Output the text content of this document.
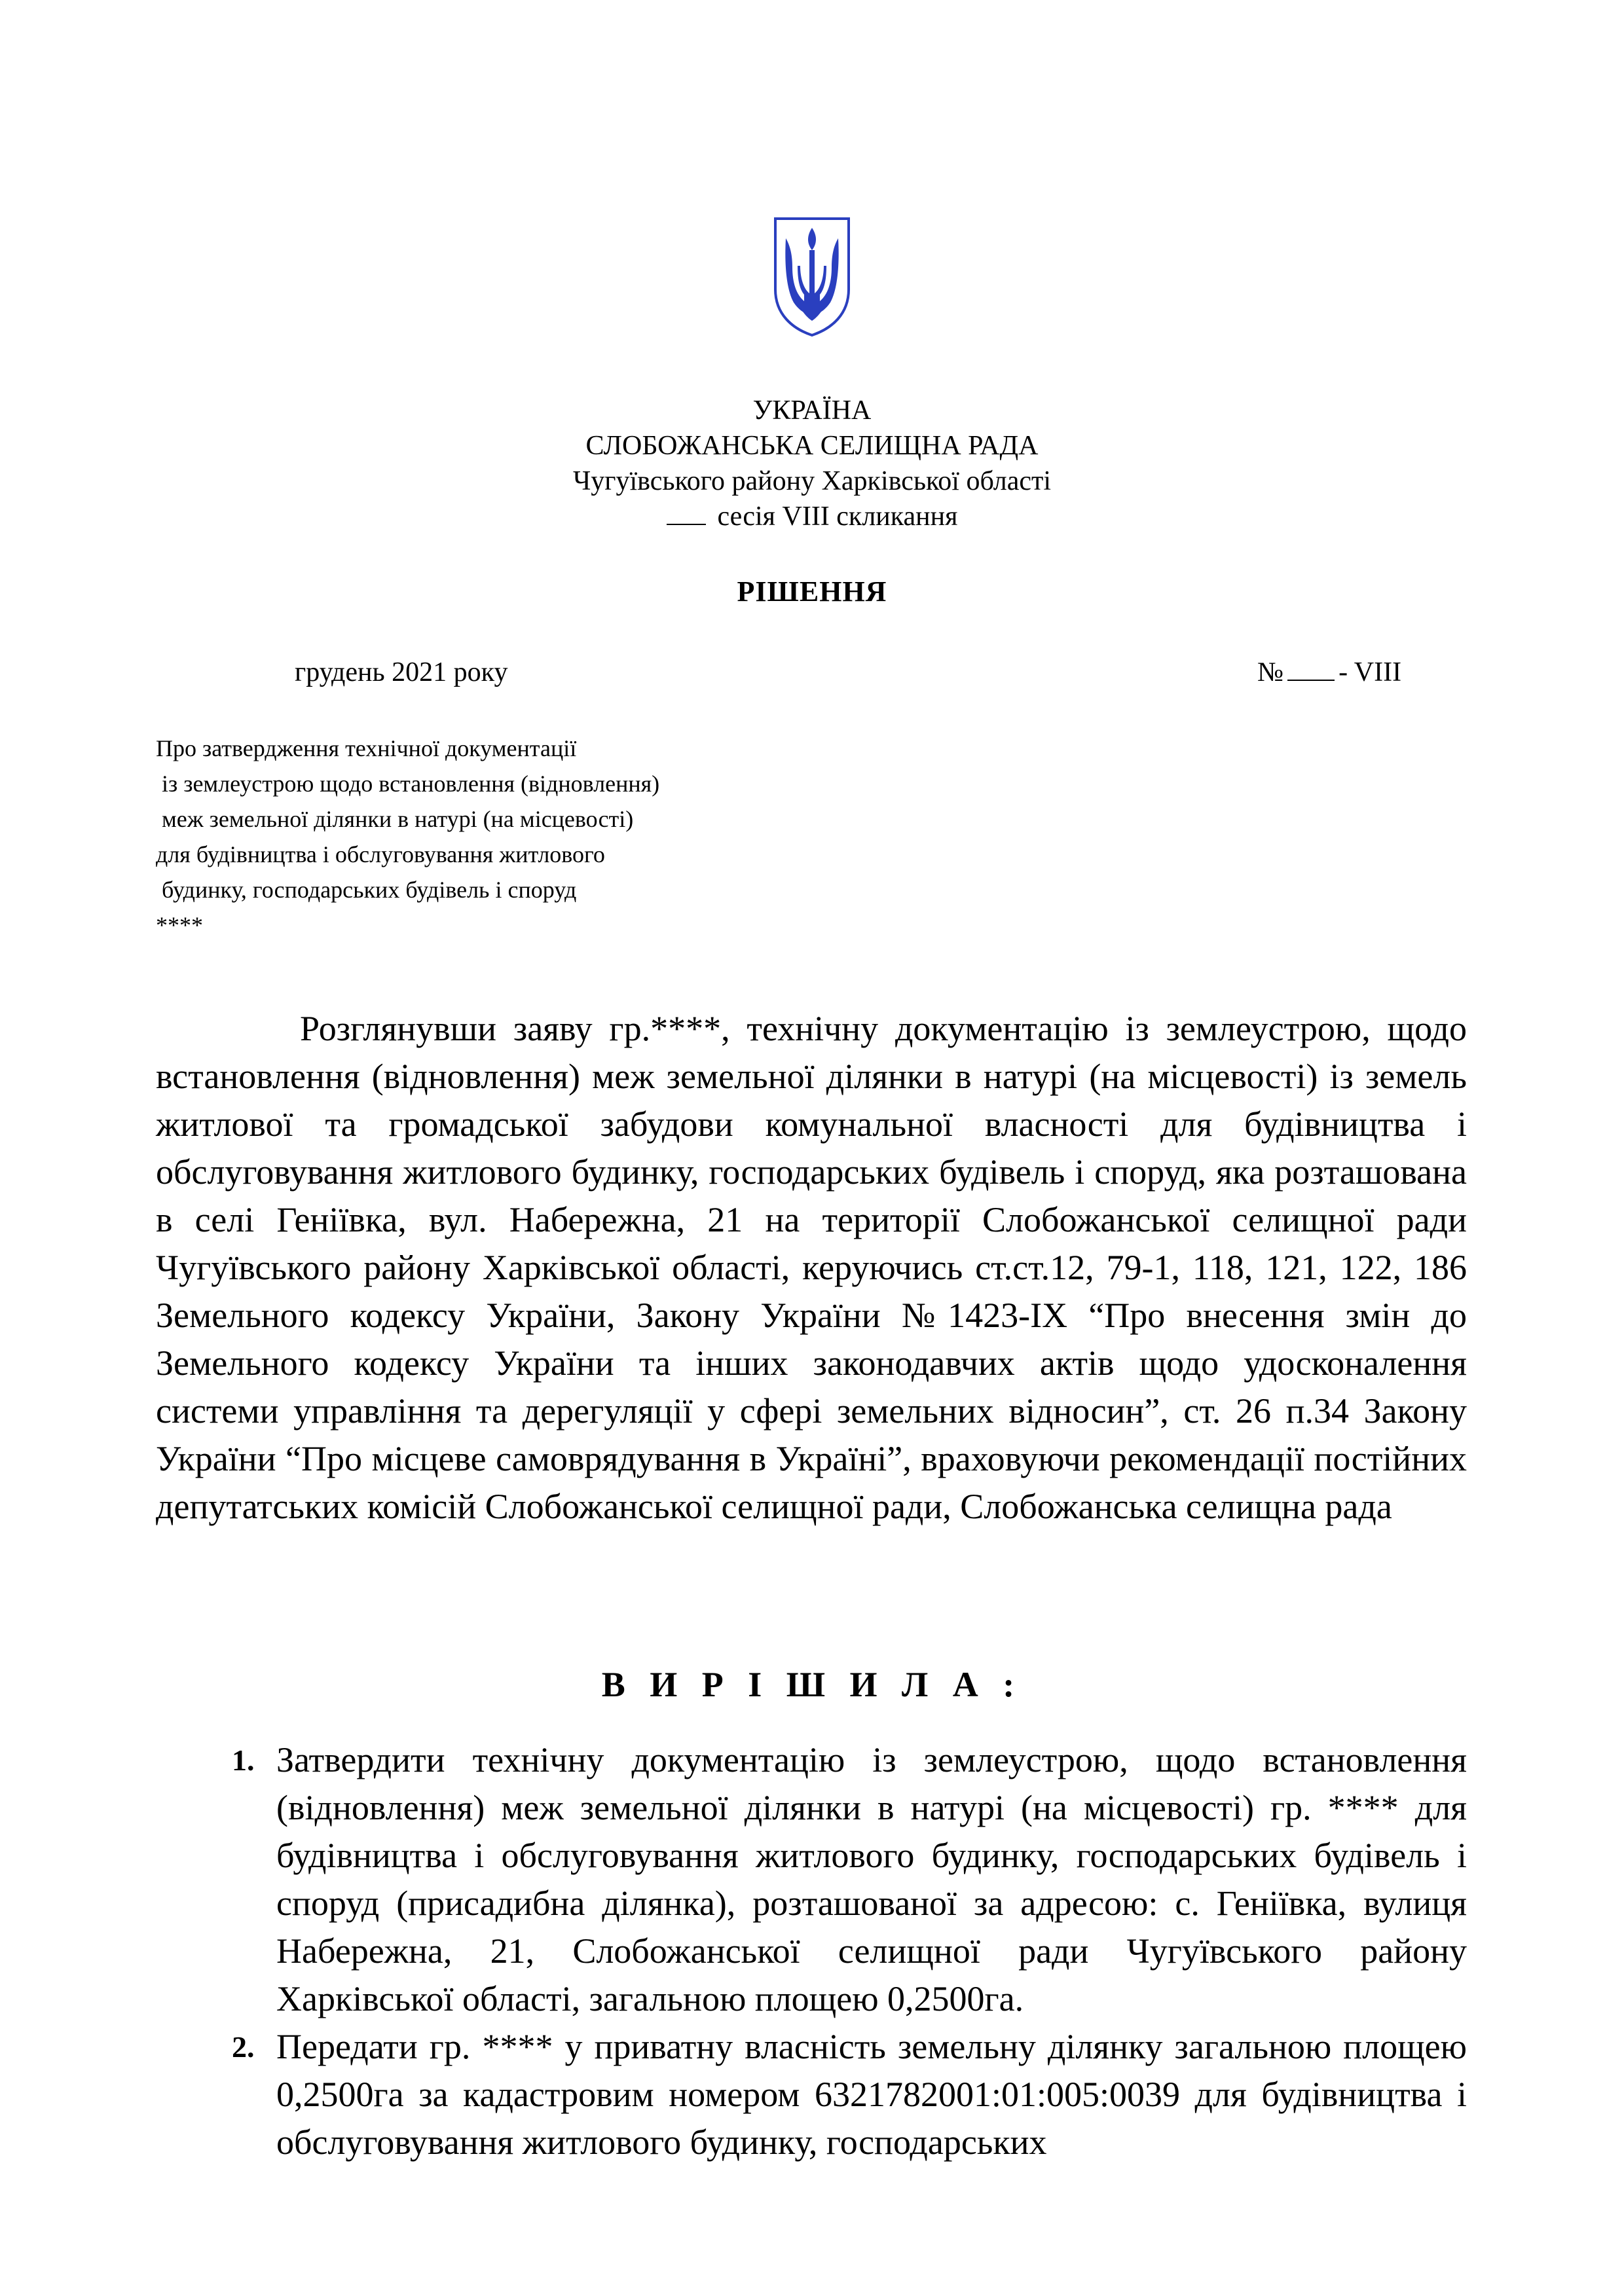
УКРАЇНА
СЛОБОЖАНСЬКА СЕЛИЩНА РАДА
Чугуївського району Харківської області
сесія VIII скликання
РІШЕННЯ
грудень 2021 року	№ - VIII
Про затвердження технічної документації
із землеустрою щодо встановлення (відновлення)
меж земельної ділянки в натурі (на місцевості)
для будівництва і обслуговування житлового
будинку, господарських будівель і споруд
****
Розглянувши заяву гр.****, технічну документацію із землеустрою, щодо встановлення (відновлення) меж земельної ділянки в натурі (на місцевості) із земель житлової та громадської забудови комунальної власності для будівництва і обслуговування житлового будинку, господарських будівель і споруд, яка розташована в селі Геніївка, вул. Набережна, 21 на території Слобожанської селищної ради Чугуївського району Харківської області, керуючись ст.ст.12, 79-1, 118, 121, 122, 186 Земельного кодексу України, Закону України №1423-IX “Про внесення змін до Земельного кодексу України та інших законодавчих актів щодо удосконалення системи управління та дерегуляції у сфері земельних відносин”, ст. 26 п.34 Закону України “Про місцеве самоврядування в Україні”, враховуючи рекомендації постійних депутатських комісій Слобожанської селищної ради, Слобожанська селищна рада
В И Р І Ш И Л А :
1. Затвердити технічну документацію із землеустрою, щодо встановлення (відновлення) меж земельної ділянки в натурі (на місцевості) гр. **** для будівництва і обслуговування житлового будинку, господарських будівель і споруд (присадибна ділянка), розташованої за адресою: с. Геніївка, вулиця Набережна, 21, Слобожанської селищної ради Чугуївського району Харківської області, загальною площею 0,2500га.
2. Передати гр. **** у приватну власність земельну ділянку загальною площею 0,2500га за кадастровим номером 6321782001:01:005:0039 для будівництва і обслуговування житлового будинку, господарських
